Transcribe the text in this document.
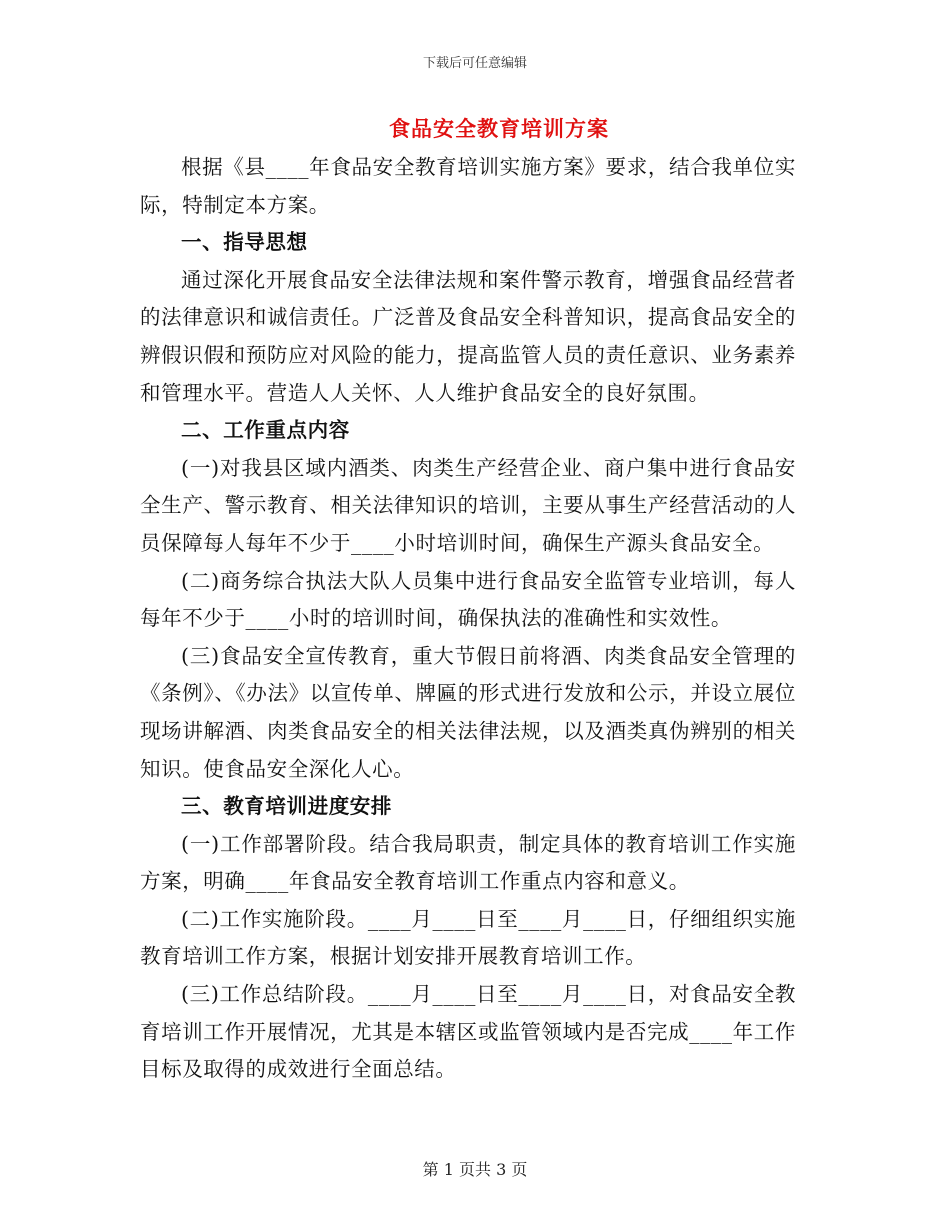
下载后可任意编辑
食品安全教育培训方案

根据《县____年食品安全教育培训实施方案》要求，结合我单位实际，特制定本方案。

一、指导思想

通过深化开展食品安全法律法规和案件警示教育，增强食品经营者的法律意识和诚信责任。广泛普及食品安全科普知识，提高食品安全的辨假识假和预防应对风险的能力，提高监管人员的责任意识、业务素养和管理水平。营造人人关怀、人人维护食品安全的良好氛围。

二、工作重点内容

(一)对我县区域内酒类、肉类生产经营企业、商户集中进行食品安全生产、警示教育、相关法律知识的培训，主要从事生产经营活动的人员保障每人每年不少于____小时培训时间，确保生产源头食品安全。

(二)商务综合执法大队人员集中进行食品安全监管专业培训，每人每年不少于____小时的培训时间，确保执法的准确性和实效性。

(三)食品安全宣传教育，重大节假日前将酒、肉类食品安全管理的《条例》、《办法》以宣传单、牌匾的形式进行发放和公示，并设立展位现场讲解酒、肉类食品安全的相关法律法规，以及酒类真伪辨别的相关知识。使食品安全深化人心。

三、教育培训进度安排

(一)工作部署阶段。结合我局职责，制定具体的教育培训工作实施方案，明确____年食品安全教育培训工作重点内容和意义。

(二)工作实施阶段。____月____日至____月____日，仔细组织实施教育培训工作方案，根据计划安排开展教育培训工作。

(三)工作总结阶段。____月____日至____月____日，对食品安全教育培训工作开展情况，尤其是本辖区或监管领域内是否完成____年工作目标及取得的成效进行全面总结。

第 1 页共 3 页
